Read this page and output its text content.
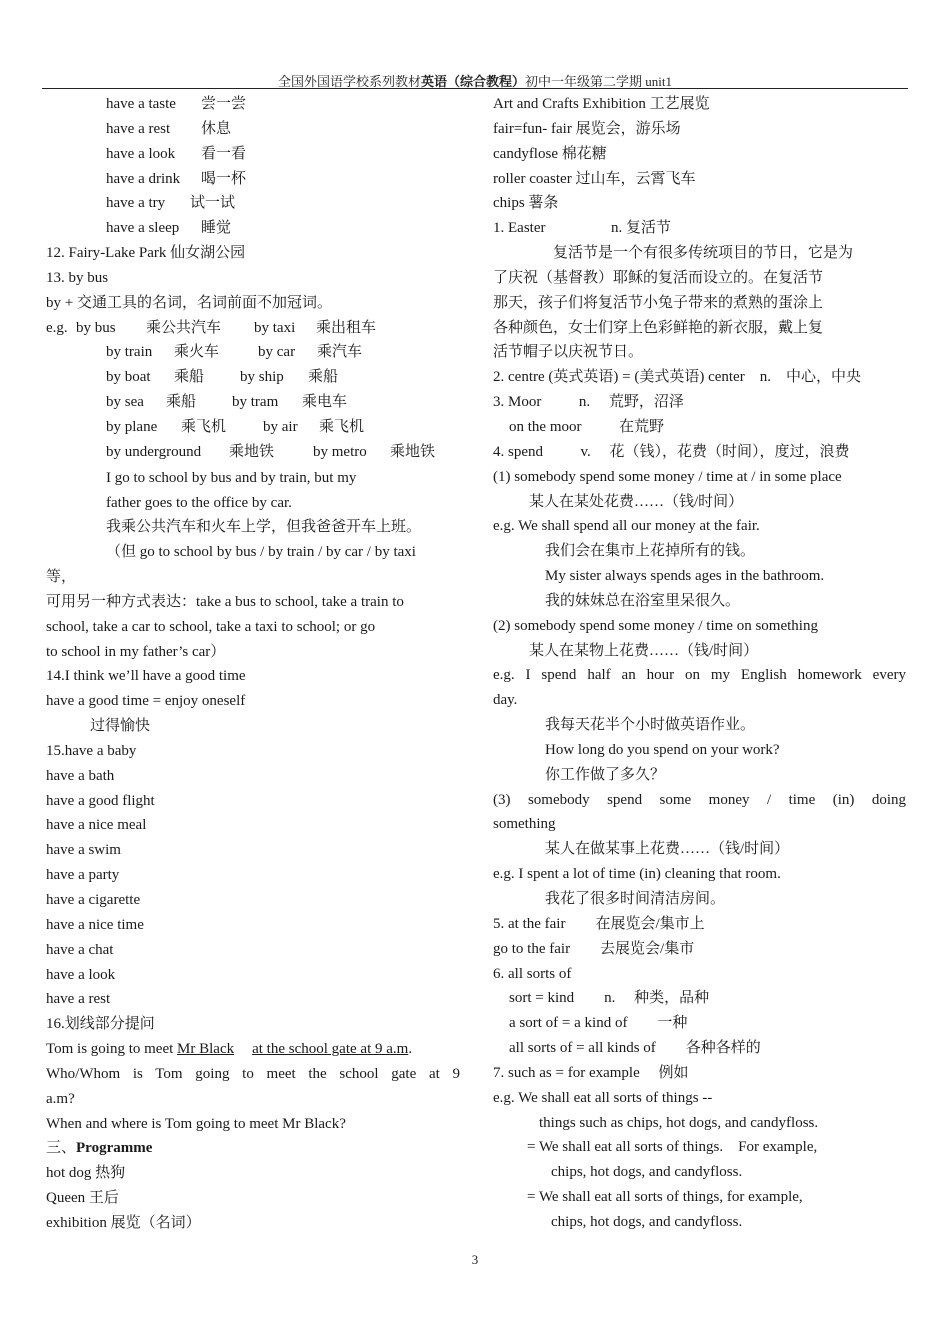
全国外国语学校系列教材英语（综合教程）初中一年级第二学期 unit1
have a taste 尝一尝
have a rest 休息
have a look 看一看
have a drink 喝一杯
have a try 试一试
have a sleep 睡觉
12. Fairy-Lake Park 仙女湖公园
13. by bus
by + 交通工具的名词，名词前面不加冠词。
e.g. by bus 乘公共汽车 by taxi 乘出租车
by train 乘火车	by car 乘汽车
by boat 乘船 by ship 乘船
by sea 乘船 by tram 乘电车
by plane 乘飞机 by air 乘飞机
by underground 乘地铁	by metro 乘地铁
I go to school by bus and by train, but my
father goes to the office by car.
我乘公共汽车和火车上学，但我爸爸开车上班。
（但 go to school by bus / by train / by car / by taxi
等，
可用另一种方式表达：take a bus to school, take a train to
school, take a car to school, take a taxi to school; or go
to school in my father’s car）
14.I think we’ll have a good time
have a good time = enjoy oneself
过得愉快
15.have a baby
have a bath
have a good flight
have a nice meal
have a swim
have a party
have a cigarette
have a nice time
have a chat
have a look
have a rest
16.划线部分提问
Tom is going to meet Mr Black at the school gate at 9 a.m.
Who/Whom is Tom going to meet the school gate at 9
a.m?
When and where is Tom going to meet Mr Black?
三、Programme
hot dog 热狗
Queen 王后
exhibition 展览（名词）
Art and Crafts Exhibition 工艺展览
fair=fun- fair 展览会，游乐场
candyflose 棉花糖
roller coaster 过山车，云霄飞车
chips 薯条
1. Easter	n. 复活节
复活节是一个有很多传统项目的节日，它是为
了庆祝（基督教）耶稣的复活而设立的。在复活节
那天，孩子们将复活节小兔子带来的煮熟的蛋涂上
各种颜色，女士们穿上色彩鲜艳的新衣服，戴上复
活节帽子以庆祝节日。
2. centre (英式英语) = (美式英语) center    n.    中心，中央
3. Moor          n.     荒野，沼泽
on the moor          在荒野
4. spend          v.     花（钱），花费（时间），度过，浪费
(1) somebody spend some money / time at / in some place
某人在某处花费……（钱/时间）
e.g. We shall spend all our money at the fair.
我们会在集市上花掉所有的钱。
My sister always spends ages in the bathroom.
我的妹妹总在浴室里呆很久。
(2) somebody spend some money / time on something
某人在某物上花费……（钱/时间）
e.g. I spend half an hour on my English homework every
day.
我每天花半个小时做英语作业。
How long do you spend on your work?
你工作做了多久？
(3) somebody spend some money / time (in) doing
something
某人在做某事上花费……（钱/时间）
e.g. I spent a lot of time (in) cleaning that room.
我花了很多时间清洁房间。
5. at the fair        在展览会/集市上
go to the fair        去展览会/集市
6. all sorts of
sort = kind        n.     种类，品种
a sort of = a kind of        一种
all sorts of = all kinds of        各种各样的
7. such as = for example     例如
e.g. We shall eat all sorts of things --
things such as chips, hot dogs, and candyfloss.
= We shall eat all sorts of things.    For example,
chips, hot dogs, and candyfloss.
= We shall eat all sorts of things, for example,
chips, hot dogs, and candyfloss.
3
